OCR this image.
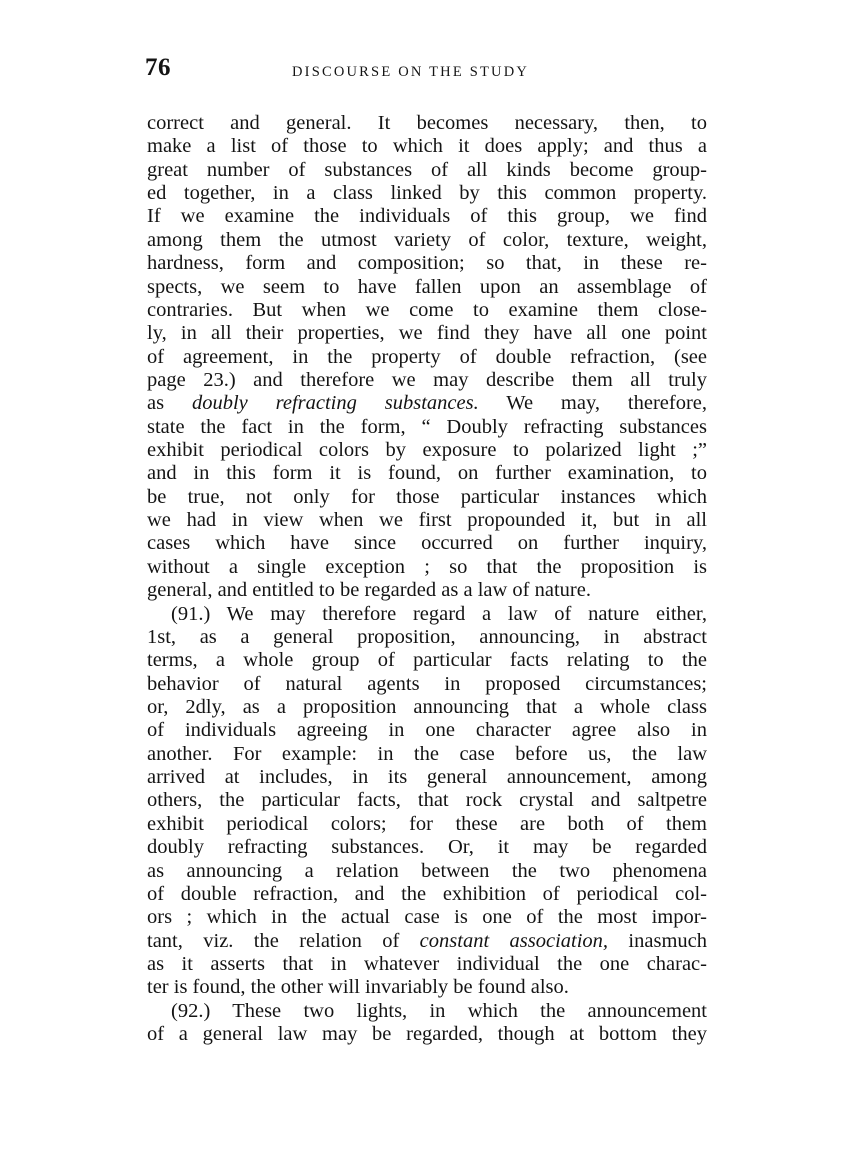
76	DISCOURSE ON THE STUDY
correct and general. It becomes necessary, then, to
make a list of those to which it does apply; and thus a
great number of substances of all kinds become group-
ed together, in a class linked by this common property.
If we examine the individuals of this group, we find
among them the utmost variety of color, texture, weight,
hardness, form and composition; so that, in these re-
spects, we seem to have fallen upon an assemblage of
contraries. But when we come to examine them close-
ly, in all their properties, we find they have all one point
of agreement, in the property of double refraction, (see
page 23.) and therefore we may describe them all truly
as doubly refracting substances. We may, therefore,
state the fact in the form, “ Doubly refracting substances
exhibit periodical colors by exposure to polarized light ;”
and in this form it is found, on further examination, to
be true, not only for those particular instances which
we had in view when we first propounded it, but in all
cases which have since occurred on further inquiry,
without a single exception ; so that the proposition is
general, and entitled to be regarded as a law of nature.
(91.) We may therefore regard a law of nature either,
1st, as a general proposition, announcing, in abstract
terms, a whole group of particular facts relating to the
behavior of natural agents in proposed circumstances;
or, 2dly, as a proposition announcing that a whole class
of individuals agreeing in one character agree also in
another. For example: in the case before us, the law
arrived at includes, in its general announcement, among
others, the particular facts, that rock crystal and saltpetre
exhibit periodical colors; for these are both of them
doubly refracting substances. Or, it may be regarded
as announcing a relation between the two phenomena
of double refraction, and the exhibition of periodical col-
ors ; which in the actual case is one of the most impor-
tant, viz. the relation of constant association, inasmuch
as it asserts that in whatever individual the one charac-
ter is found, the other will invariably be found also.
(92.) These two lights, in which the announcement
of a general law may be regarded, though at bottom they
